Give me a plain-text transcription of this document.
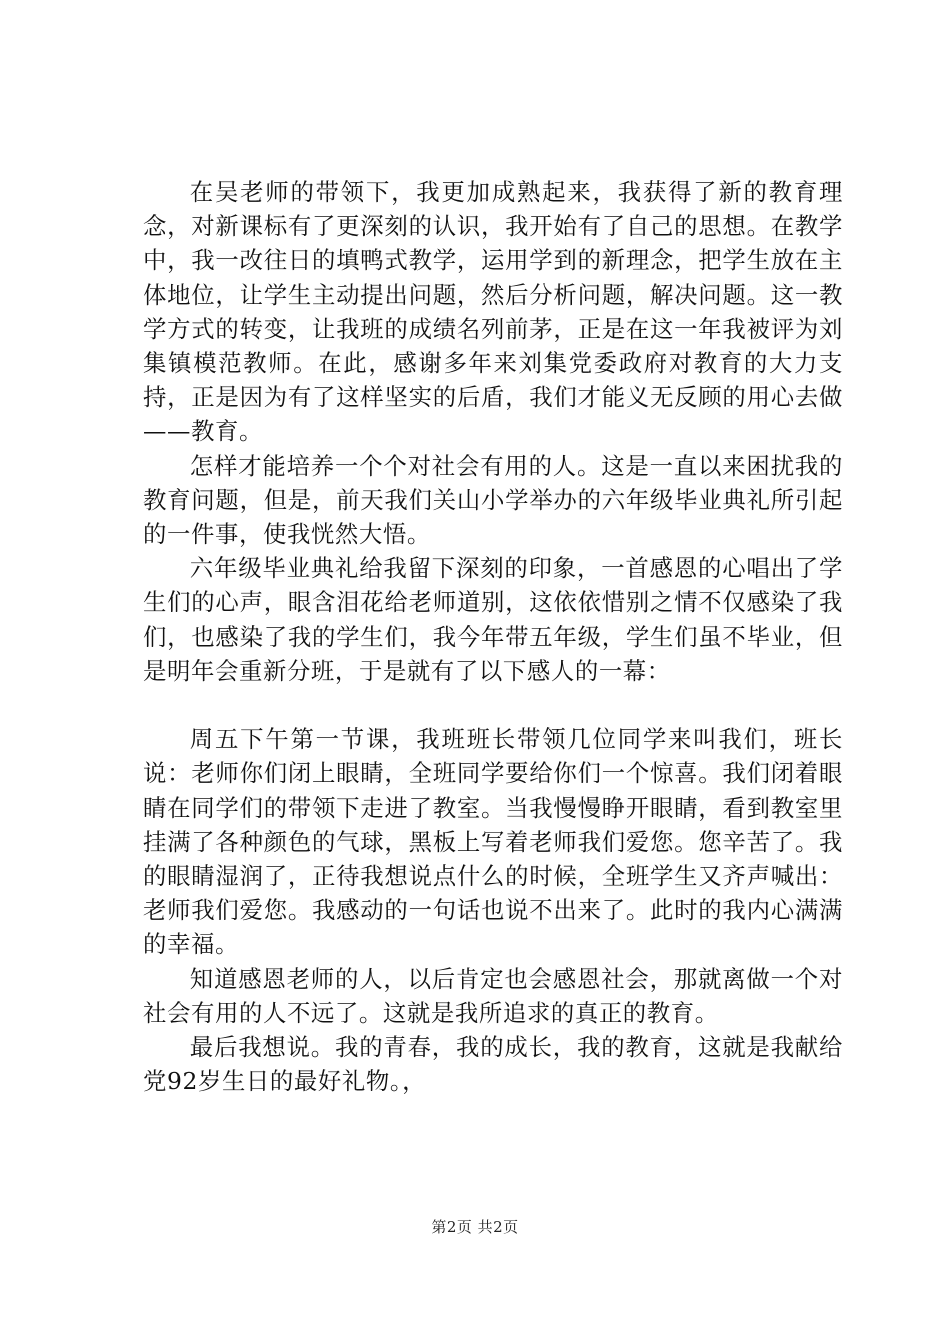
在吴老师的带领下，我更加成熟起来，我获得了新的教育理念，对新课标有了更深刻的认识，我开始有了自己的思想。在教学中，我一改往日的填鸭式教学，运用学到的新理念，把学生放在主体地位，让学生主动提出问题，然后分析问题，解决问题。这一教学方式的转变，让我班的成绩名列前茅，正是在这一年我被评为刘集镇模范教师。在此，感谢多年来刘集党委政府对教育的大力支持，正是因为有了这样坚实的后盾，我们才能义无反顾的用心去做——教育。

怎样才能培养一个个对社会有用的人。这是一直以来困扰我的教育问题，但是，前天我们关山小学举办的六年级毕业典礼所引起的一件事，使我恍然大悟。

六年级毕业典礼给我留下深刻的印象，一首感恩的心唱出了学生们的心声，眼含泪花给老师道别，这依依惜别之情不仅感染了我们，也感染了我的学生们，我今年带五年级，学生们虽不毕业，但是明年会重新分班，于是就有了以下感人的一幕：

周五下午第一节课，我班班长带领几位同学来叫我们，班长说：老师你们闭上眼睛，全班同学要给你们一个惊喜。我们闭着眼睛在同学们的带领下走进了教室。当我慢慢睁开眼睛，看到教室里挂满了各种颜色的气球，黑板上写着老师我们爱您。您辛苦了。我的眼睛湿润了，正待我想说点什么的时候，全班学生又齐声喊出：老师我们爱您。我感动的一句话也说不出来了。此时的我内心满满的幸福。

知道感恩老师的人，以后肯定也会感恩社会，那就离做一个对社会有用的人不远了。这就是我所追求的真正的教育。

最后我想说。我的青春，我的成长，我的教育，这就是我献给党92岁生日的最好礼物。，

第2页 共2页
